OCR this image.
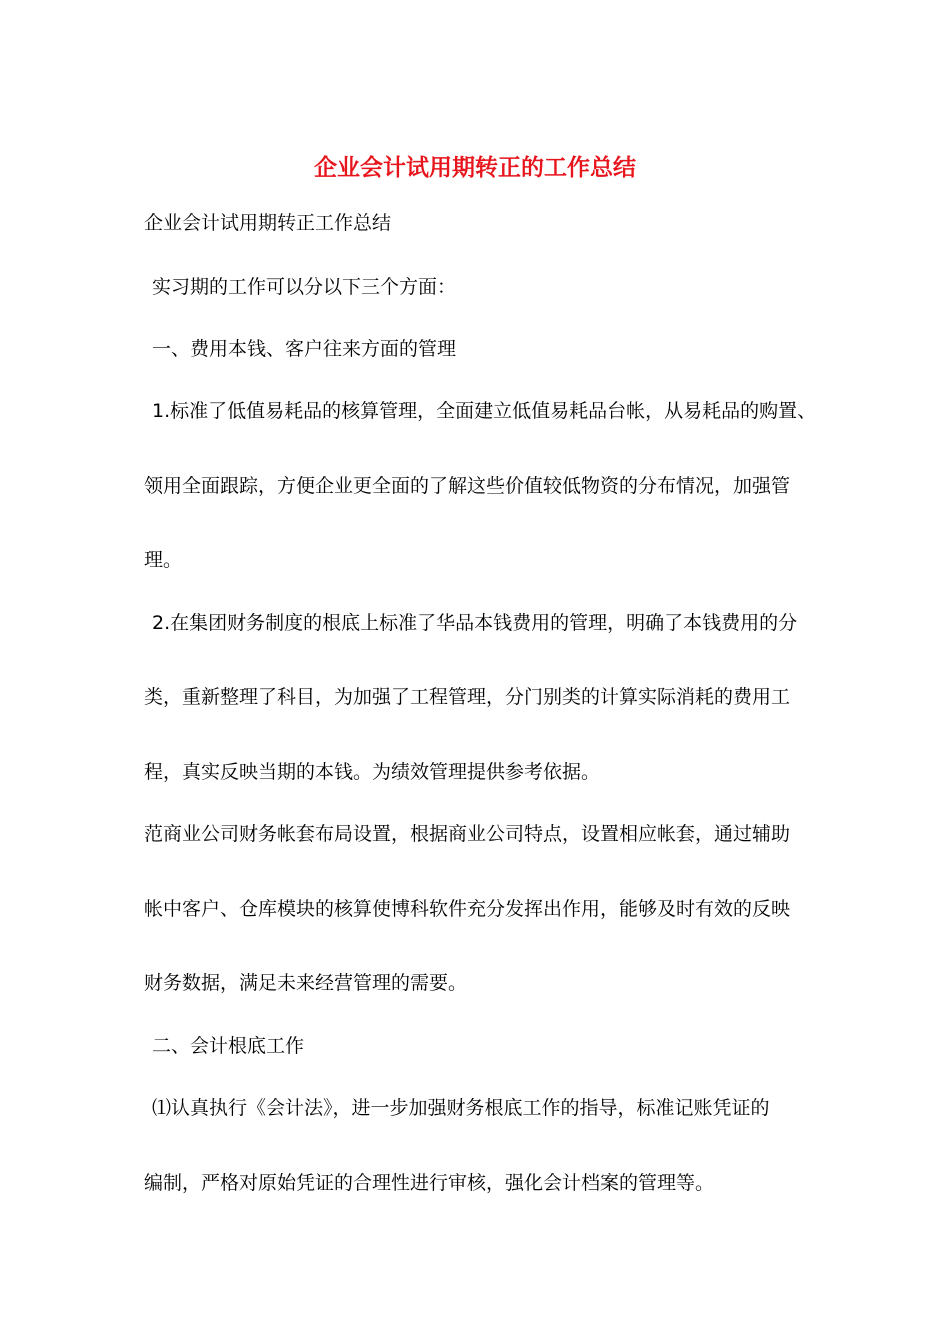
企业会计试用期转正的工作总结

企业会计试用期转正工作总结

实习期的工作可以分以下三个方面：

一、费用本钱、客户往来方面的管理

1.标准了低值易耗品的核算管理，全面建立低值易耗品台帐，从易耗品的购置、

领用全面跟踪，方便企业更全面的了解这些价值较低物资的分布情况，加强管

理。

2.在集团财务制度的根底上标准了华品本钱费用的管理，明确了本钱费用的分

类，重新整理了科目，为加强了工程管理，分门别类的计算实际消耗的费用工

程，真实反映当期的本钱。为绩效管理提供参考依据。

范商业公司财务帐套布局设置，根据商业公司特点，设置相应帐套，通过辅助

帐中客户、仓库模块的核算使博科软件充分发挥出作用，能够及时有效的反映

财务数据，满足未来经营管理的需要。

二、会计根底工作

⑴认真执行《会计法》，进一步加强财务根底工作的指导，标准记账凭证的

编制，严格对原始凭证的合理性进行审核，强化会计档案的管理等。
